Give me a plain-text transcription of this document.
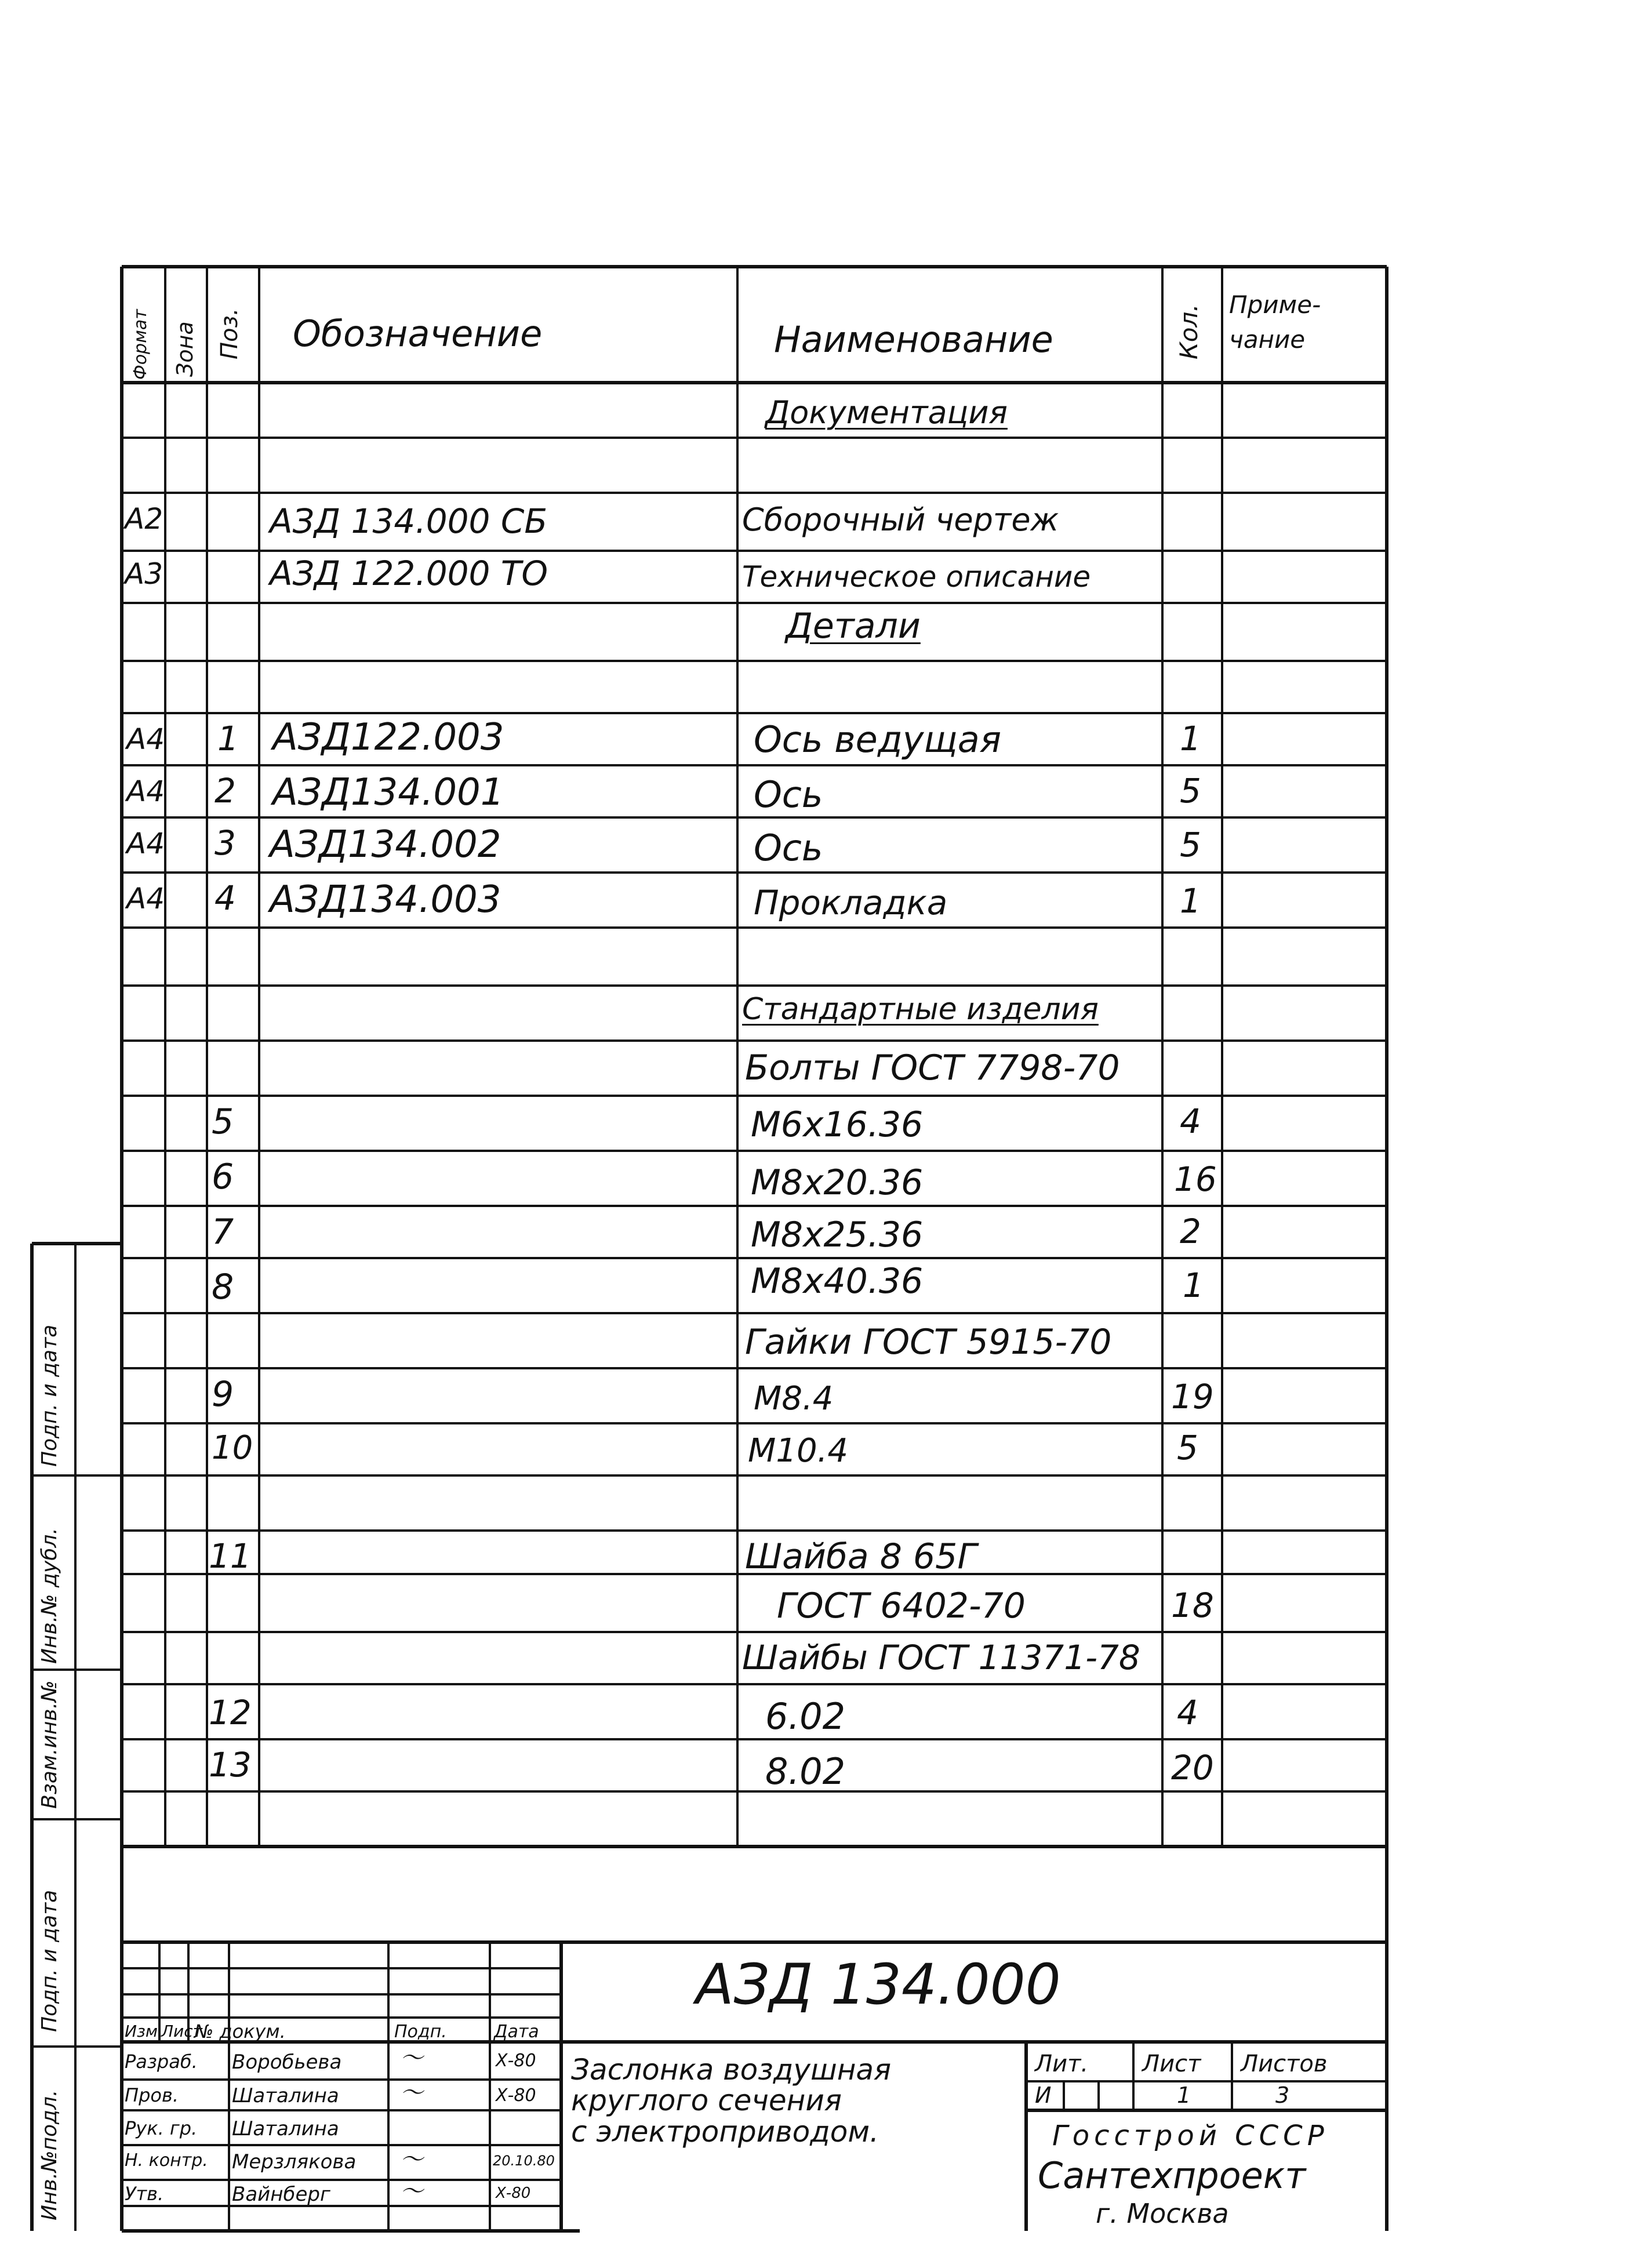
Формат Зона Поз. Обозначение	Наименование	Кол. Приме-
чание
Документация
А2	АЗД 134.000 СБ	Сборочный чертеж
А3	АЗД 122.000 ТО	Техническое описание
Детали
А4 1 АЗД122.003	Ось ведущая	1
А4 2 АЗД134.001	Ось	5
А4 3 АЗД134.002	Ось	5
А4 4 АЗД134.003	Прокладка	1
Стандартные изделия
Болты ГОСТ 7798-70
5	М6х16.36	4
6	М8х20.36	16
7	М8х25.36	2
8	М8х40.36	1
Гайки ГОСТ 5915-70
9	М8.4	19
10	М10.4	5
11	Шайба 8 65Г
ГОСТ 6402-70	18
Шайбы ГОСТ 11371-78
12	6.02	4
13	8.02	20
Инв.№подл.
Подп. и дата
Взам.инв.№
Инв.№ дубл.
Подп. и дата
АЗД 134.000
Изм Лист
№ докум.	Подп.	Дата
Разраб. Воробьева	〜	Х-80
Пров.	Шаталина	〜	Х-80
Рук. гр. Шаталина
Н. контр. Мерзлякова 〜	20.10.80
Утв.	Вайнберг	〜	Х-80
Заслонка воздушная
круглого сечения
с электроприводом.
Лит. Лист Листов
И	1	3
Госстрой СССР
Сантехпроект
г. Москва
